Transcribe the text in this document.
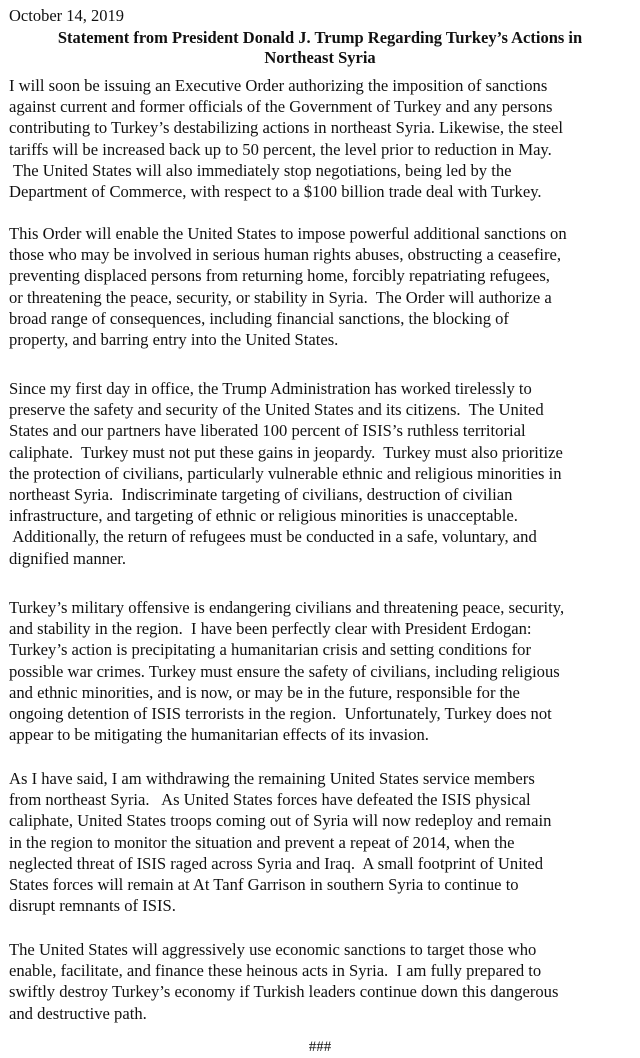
October 14, 2019

Statement from President Donald J. Trump Regarding Turkey’s Actions in
Northeast Syria

I will soon be issuing an Executive Order authorizing the imposition of sanctions
against current and former officials of the Government of Turkey and any persons
contributing to Turkey’s destabilizing actions in northeast Syria. Likewise, the steel
tariffs will be increased back up to 50 percent, the level prior to reduction in May.
The United States will also immediately stop negotiations, being led by the
Department of Commerce, with respect to a $100 billion trade deal with Turkey.

This Order will enable the United States to impose powerful additional sanctions on
those who may be involved in serious human rights abuses, obstructing a ceasefire,
preventing displaced persons from returning home, forcibly repatriating refugees,
or threatening the peace, security, or stability in Syria.  The Order will authorize a
broad range of consequences, including financial sanctions, the blocking of
property, and barring entry into the United States.

Since my first day in office, the Trump Administration has worked tirelessly to
preserve the safety and security of the United States and its citizens.  The United
States and our partners have liberated 100 percent of ISIS’s ruthless territorial
caliphate.  Turkey must not put these gains in jeopardy.  Turkey must also prioritize
the protection of civilians, particularly vulnerable ethnic and religious minorities in
northeast Syria.  Indiscriminate targeting of civilians, destruction of civilian
infrastructure, and targeting of ethnic or religious minorities is unacceptable.
Additionally, the return of refugees must be conducted in a safe, voluntary, and
dignified manner.

Turkey’s military offensive is endangering civilians and threatening peace, security,
and stability in the region.  I have been perfectly clear with President Erdogan:
Turkey’s action is precipitating a humanitarian crisis and setting conditions for
possible war crimes. Turkey must ensure the safety of civilians, including religious
and ethnic minorities, and is now, or may be in the future, responsible for the
ongoing detention of ISIS terrorists in the region.  Unfortunately, Turkey does not
appear to be mitigating the humanitarian effects of its invasion.

As I have said, I am withdrawing the remaining United States service members
from northeast Syria.   As United States forces have defeated the ISIS physical
caliphate, United States troops coming out of Syria will now redeploy and remain
in the region to monitor the situation and prevent a repeat of 2014, when the
neglected threat of ISIS raged across Syria and Iraq.  A small footprint of United
States forces will remain at At Tanf Garrison in southern Syria to continue to
disrupt remnants of ISIS.

The United States will aggressively use economic sanctions to target those who
enable, facilitate, and finance these heinous acts in Syria.  I am fully prepared to
swiftly destroy Turkey’s economy if Turkish leaders continue down this dangerous
and destructive path.

###
